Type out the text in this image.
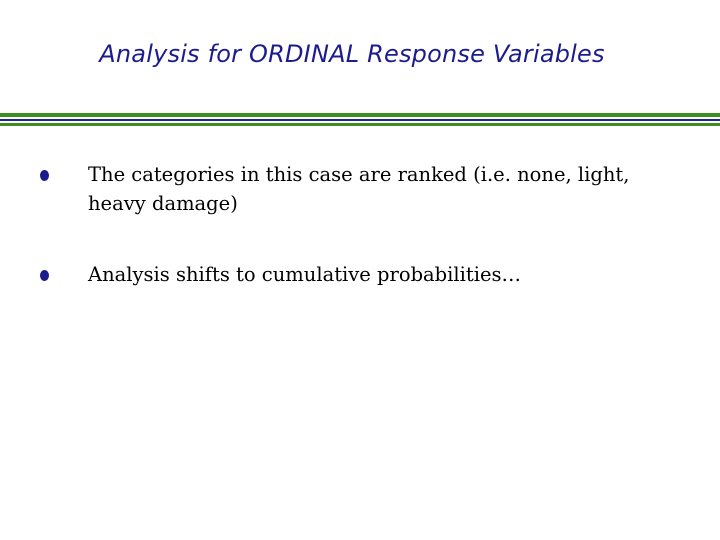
Analysis for ORDINAL Response Variables
The categories in this case are ranked (i.e. none, light, heavy damage)
Analysis shifts to cumulative probabilities…
